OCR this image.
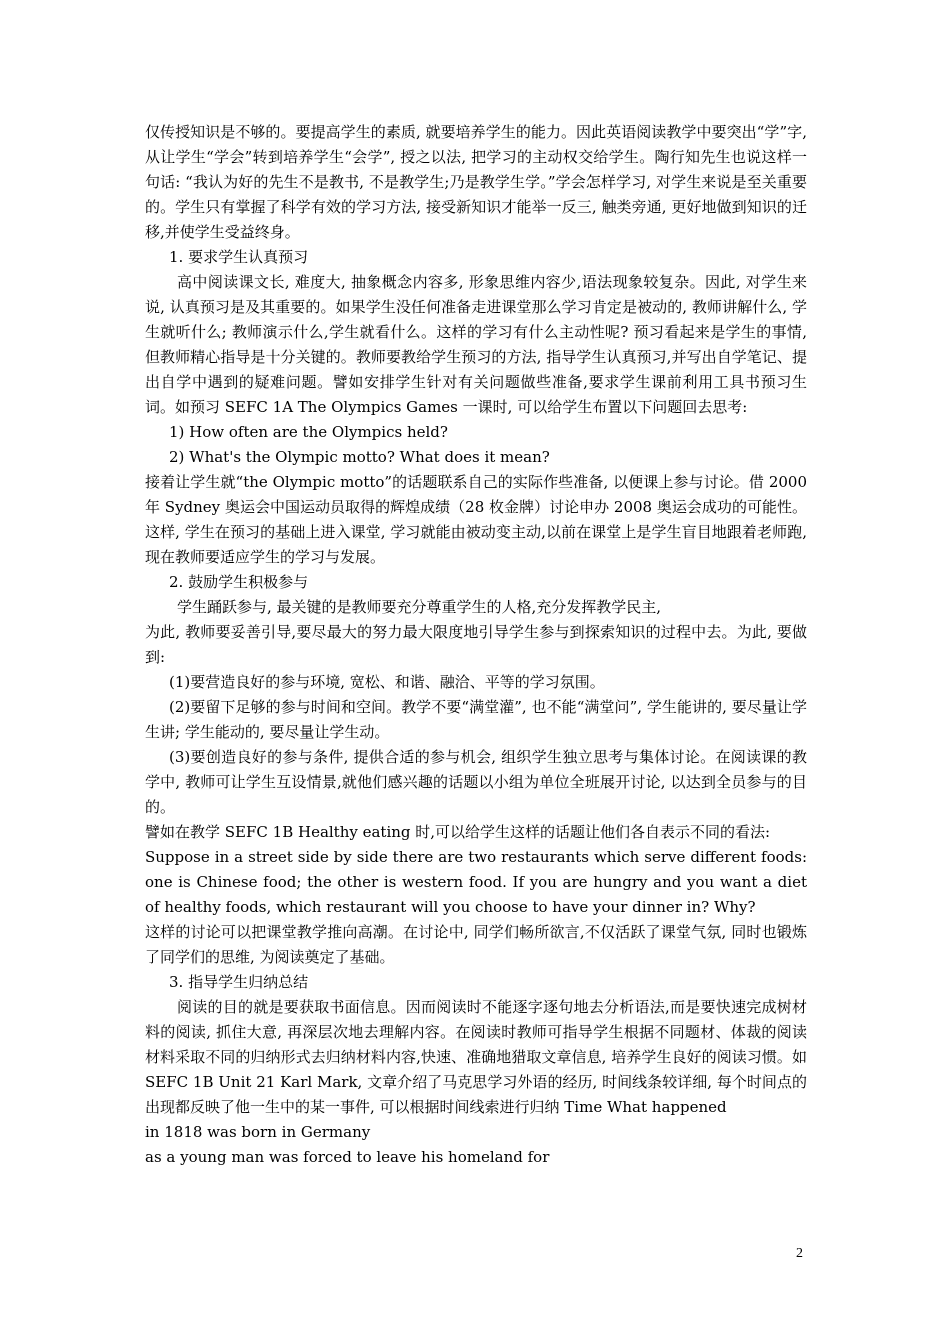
仅传授知识是不够的。要提高学生的素质, 就要培养学生的能力。因此英语阅读教学中要突出“学”字, 从让学生“学会”转到培养学生“会学”, 授之以法, 把学习的主动权交给学生。陶行知先生也说这样一句话: “我认为好的先生不是教书, 不是教学生;乃是教学生学。”学会怎样学习, 对学生来说是至关重要的。学生只有掌握了科学有效的学习方法, 接受新知识才能举一反三, 触类旁通, 更好地做到知识的迁移,并使学生受益终身。

1. 要求学生认真预习

高中阅读课文长, 难度大, 抽象概念内容多, 形象思维内容少,语法现象较复杂。因此, 对学生来说, 认真预习是及其重要的。如果学生没任何准备走进课堂那么学习肯定是被动的, 教师讲解什么, 学生就听什么; 教师演示什么,学生就看什么。这样的学习有什么主动性呢? 预习看起来是学生的事情,但教师精心指导是十分关键的。教师要教给学生预习的方法, 指导学生认真预习,并写出自学笔记、提出自学中遇到的疑难问题。譬如安排学生针对有关问题做些准备,要求学生课前利用工具书预习生词。如预习 SEFC 1A The Olympics Games 一课时, 可以给学生布置以下问题回去思考:

1) How often are the Olympics held?

2) What's the Olympic motto? What does it mean?

接着让学生就“the Olympic motto”的话题联系自己的实际作些准备, 以便课上参与讨论。借 2000 年 Sydney 奥运会中国运动员取得的辉煌成绩（28 枚金牌）讨论申办 2008 奥运会成功的可能性。这样, 学生在预习的基础上进入课堂, 学习就能由被动变主动,以前在课堂上是学生盲目地跟着老师跑, 现在教师要适应学生的学习与发展。

2. 鼓励学生积极参与

学生踊跃参与, 最关键的是教师要充分尊重学生的人格,充分发挥教学民主,

为此, 教师要妥善引导,要尽最大的努力最大限度地引导学生参与到探索知识的过程中去。为此, 要做到:

(1)要营造良好的参与环境, 宽松、和谐、融洽、平等的学习氛围。

(2)要留下足够的参与时间和空间。教学不要“满堂灌”, 也不能“满堂问”, 学生能讲的, 要尽量让学生讲; 学生能动的, 要尽量让学生动。

(3)要创造良好的参与条件, 提供合适的参与机会, 组织学生独立思考与集体讨论。在阅读课的教学中, 教师可让学生互设情景,就他们感兴趣的话题以小组为单位全班展开讨论, 以达到全员参与的目的。

譬如在教学 SEFC 1B Healthy eating 时,可以给学生这样的话题让他们各自表示不同的看法:

Suppose in a street side by side there are two restaurants which serve different foods: one is Chinese food; the other is western food. If you are hungry and you want a diet of healthy foods, which restaurant will you choose to have your dinner in? Why?

这样的讨论可以把课堂教学推向高潮。在讨论中, 同学们畅所欲言,不仅活跃了课堂气氛, 同时也锻炼了同学们的思维, 为阅读奠定了基础。

3. 指导学生归纳总结

阅读的目的就是要获取书面信息。因而阅读时不能逐字逐句地去分析语法,而是要快速完成树材料的阅读, 抓住大意, 再深层次地去理解内容。在阅读时教师可指导学生根据不同题材、体裁的阅读材料采取不同的归纳形式去归纳材料内容,快速、准确地猎取文章信息, 培养学生良好的阅读习惯。如 SEFC 1B Unit 21 Karl Mark, 文章介绍了马克思学习外语的经历, 时间线条较详细, 每个时间点的出现都反映了他一生中的某一事件, 可以根据时间线索进行归纳 Time What happened

in 1818 was born in Germany

as a young man was forced to leave his homeland for

2
